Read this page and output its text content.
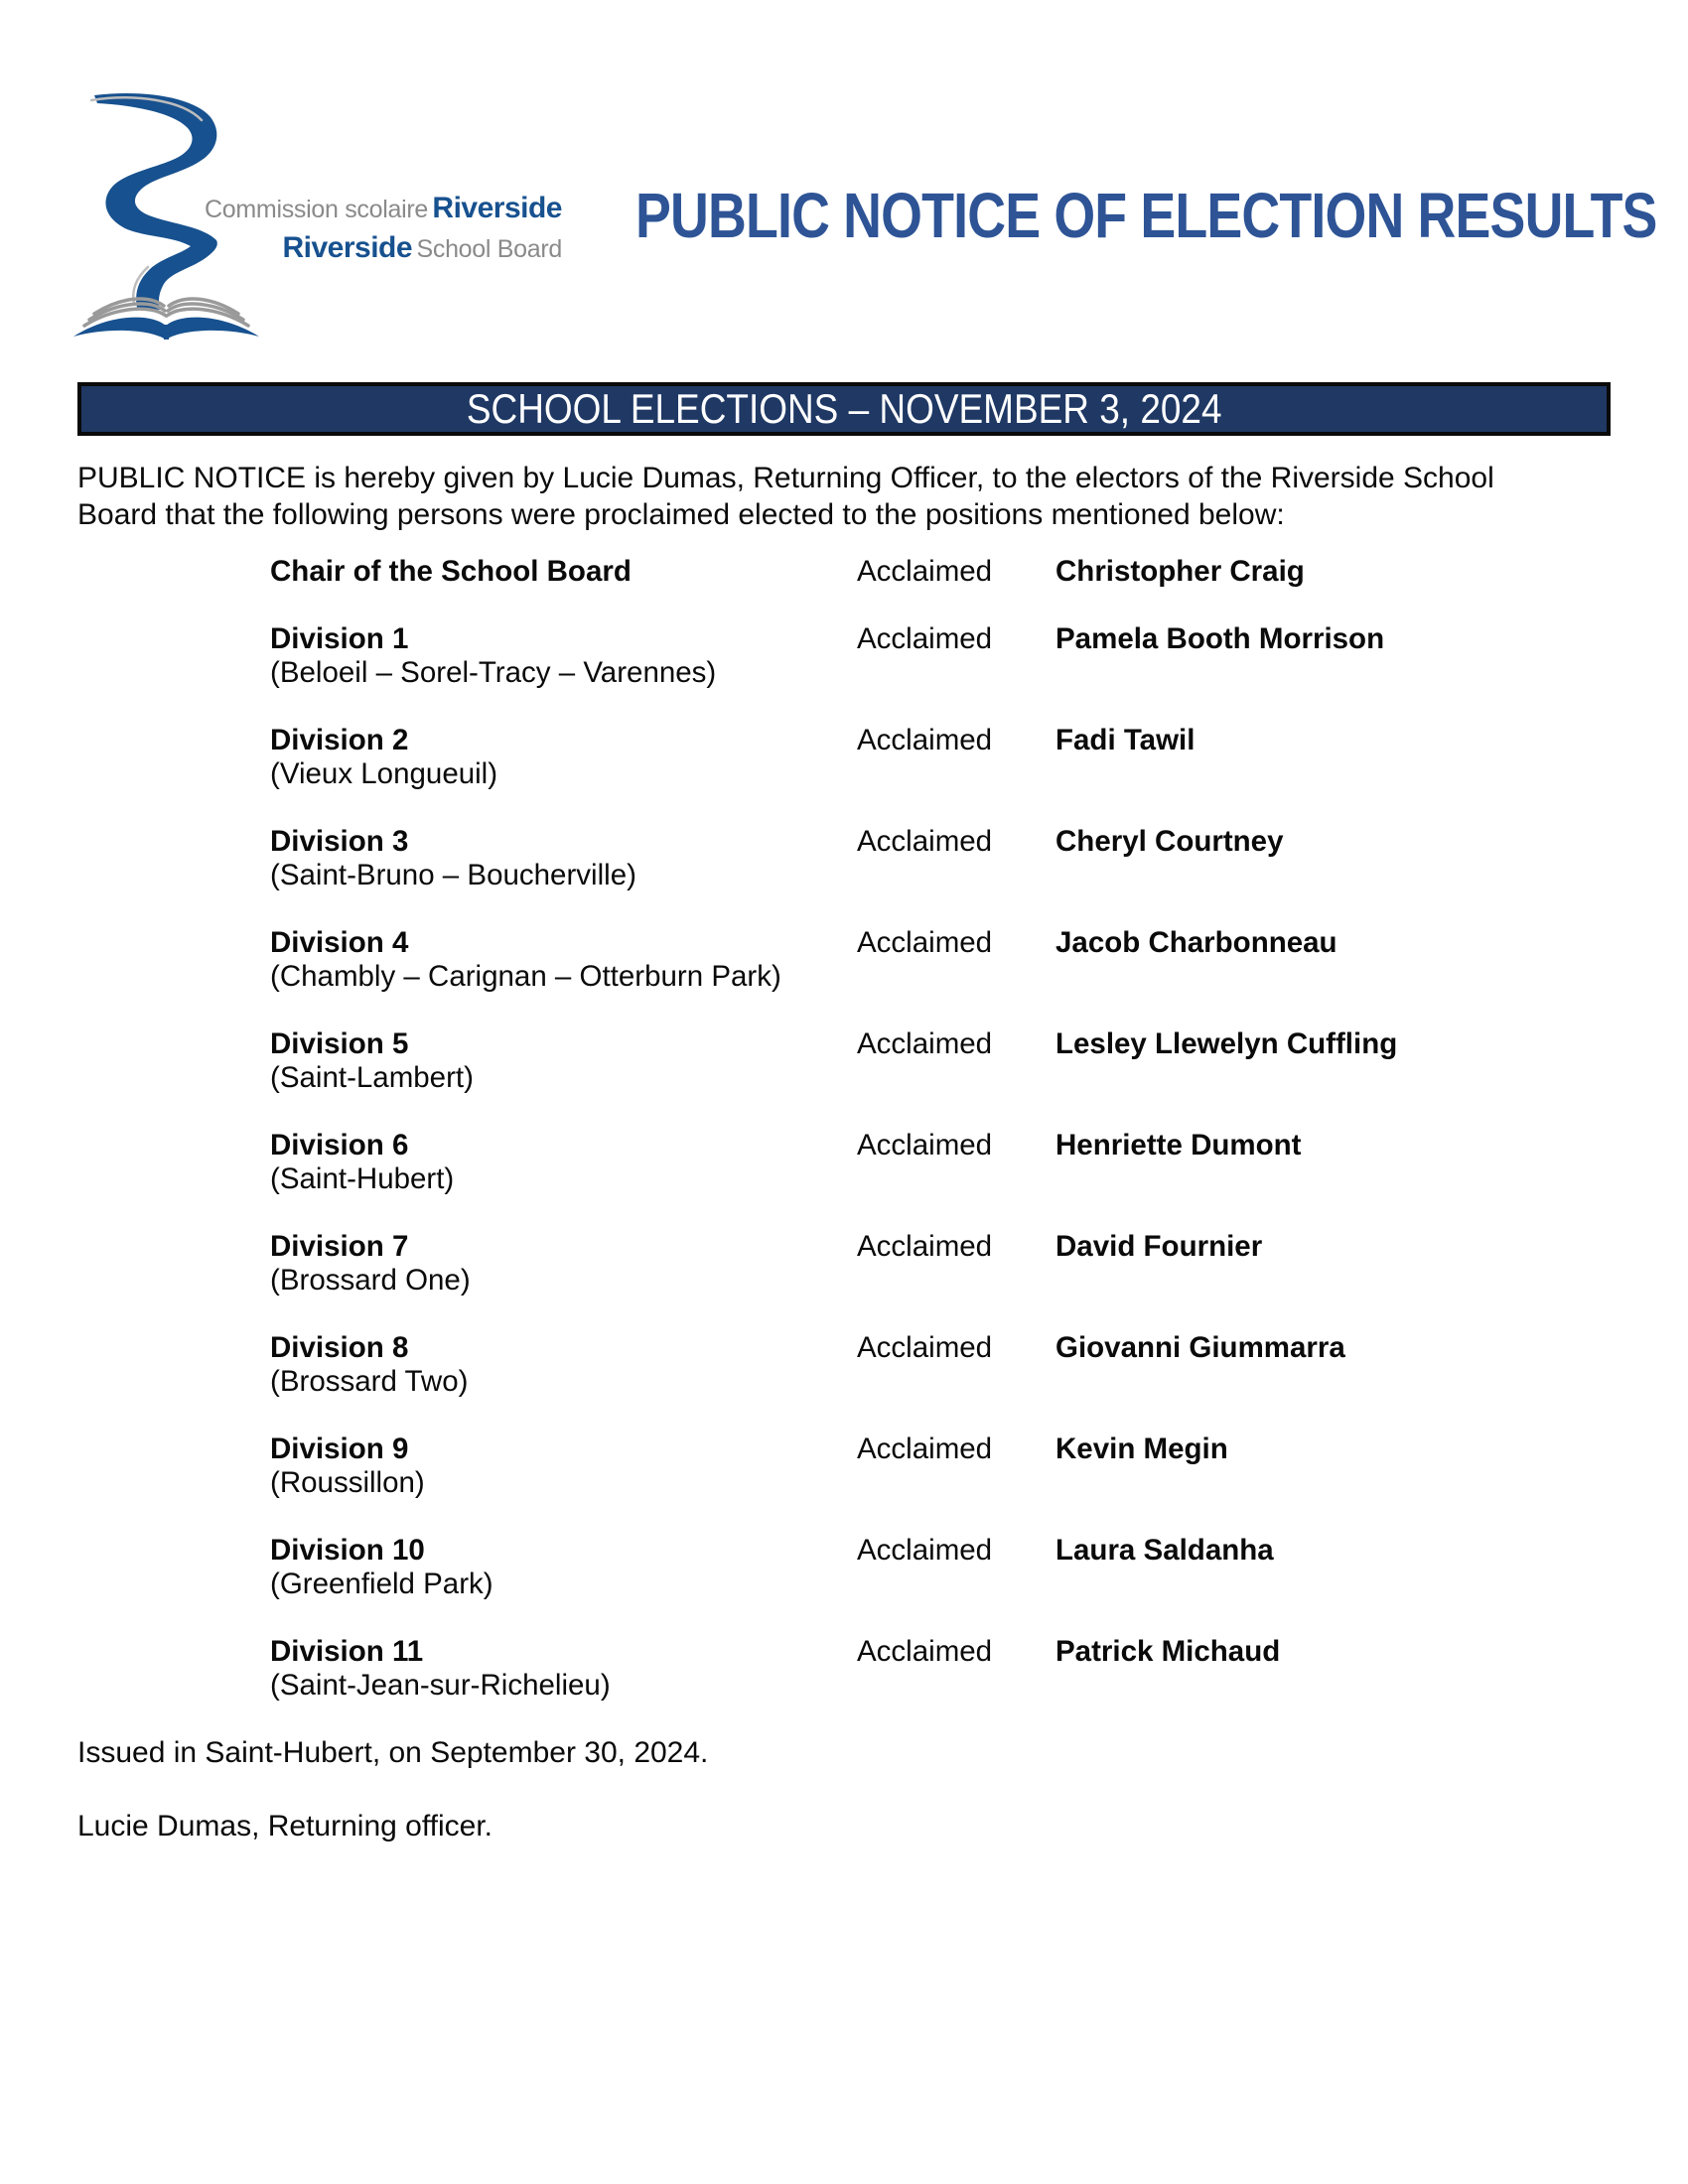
Commission scolaire Riverside
Riverside School Board PUBLIC NOTICE OF ELECTION RESULTS
SCHOOL ELECTIONS – NOVEMBER 3, 2024
PUBLIC NOTICE is hereby given by Lucie Dumas, Returning Officer, to the electors of the Riverside School
Board that the following persons were proclaimed elected to the positions mentioned below:
Chair of the School Board	Acclaimed	Christopher Craig
Division 1
(Beloeil – Sorel-Tracy – Varennes)
Acclaimed	Pamela Booth Morrison
Division 2
(Vieux Longueuil)
Acclaimed	Fadi Tawil
Division 3
(Saint-Bruno – Boucherville)
Acclaimed	Cheryl Courtney
Division 4
(Chambly – Carignan – Otterburn Park)
Acclaimed	Jacob Charbonneau
Division 5
(Saint-Lambert)
Acclaimed	Lesley Llewelyn Cuffling
Division 6
(Saint-Hubert)
Acclaimed	Henriette Dumont
Division 7
(Brossard One)
Acclaimed	David Fournier
Division 8
(Brossard Two)
Acclaimed	Giovanni Giummarra
Division 9
(Roussillon)
Acclaimed	Kevin Megin
Division 10
(Greenfield Park)
Acclaimed	Laura Saldanha
Division 11
(Saint-Jean-sur-Richelieu)
Acclaimed	Patrick Michaud
Issued in Saint-Hubert, on September 30, 2024.
Lucie Dumas, Returning officer.
